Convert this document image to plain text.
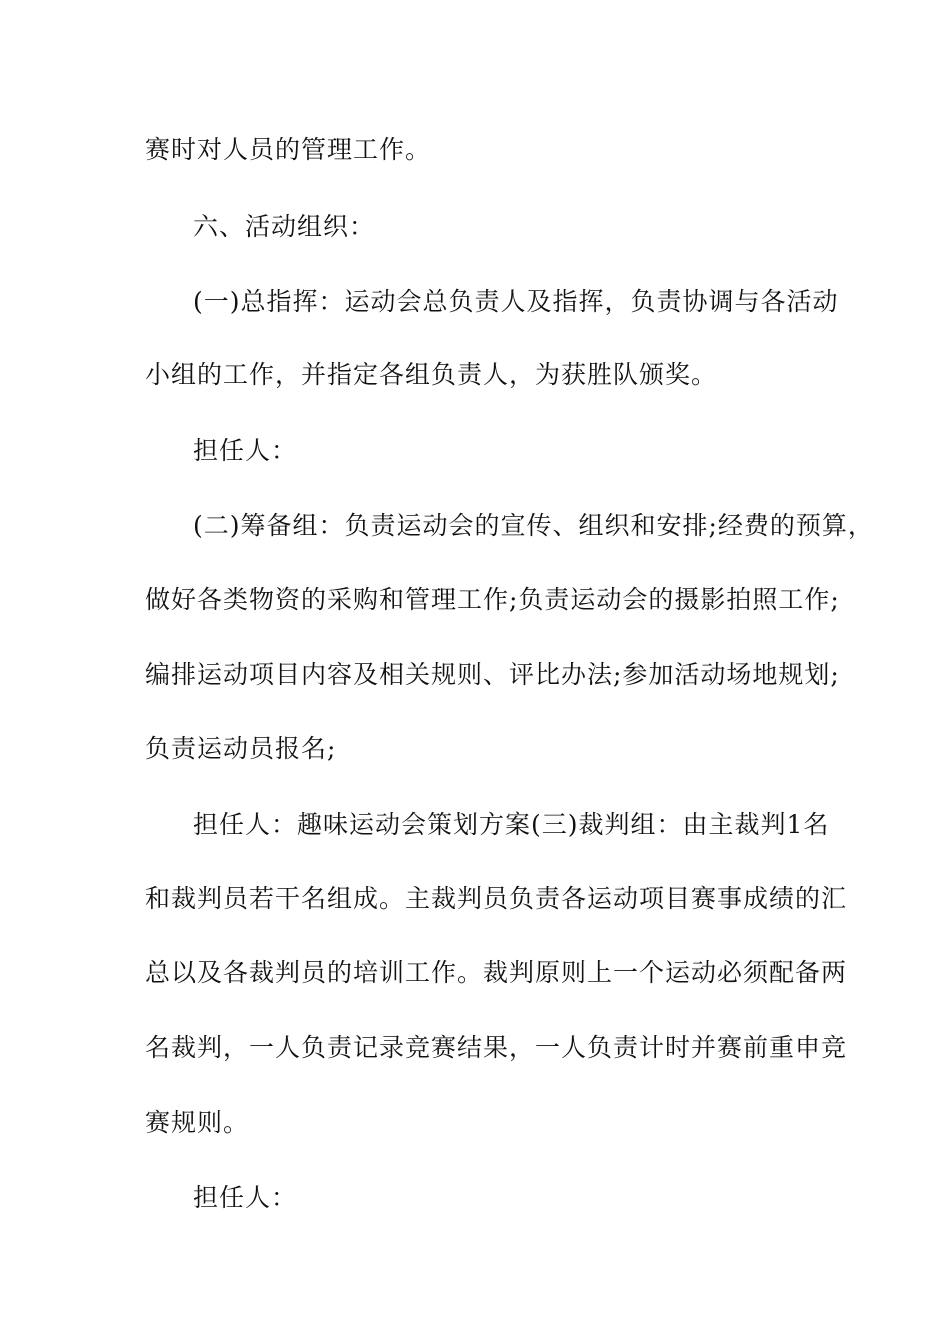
赛时对人员的管理工作。
六、活动组织：
(一)总指挥：运动会总负责人及指挥，负责协调与各活动
小组的工作，并指定各组负责人，为获胜队颁奖。
担任人：
(二)筹备组：负责运动会的宣传、组织和安排;经费的预算，
做好各类物资的采购和管理工作;负责运动会的摄影拍照工作;
编排运动项目内容及相关规则、评比办法;参加活动场地规划;
负责运动员报名;
担任人：趣味运动会策划方案(三)裁判组：由主裁判1名
和裁判员若干名组成。主裁判员负责各运动项目赛事成绩的汇
总以及各裁判员的培训工作。裁判原则上一个运动必须配备两
名裁判，一人负责记录竞赛结果，一人负责计时并赛前重申竞
赛规则。
担任人：
